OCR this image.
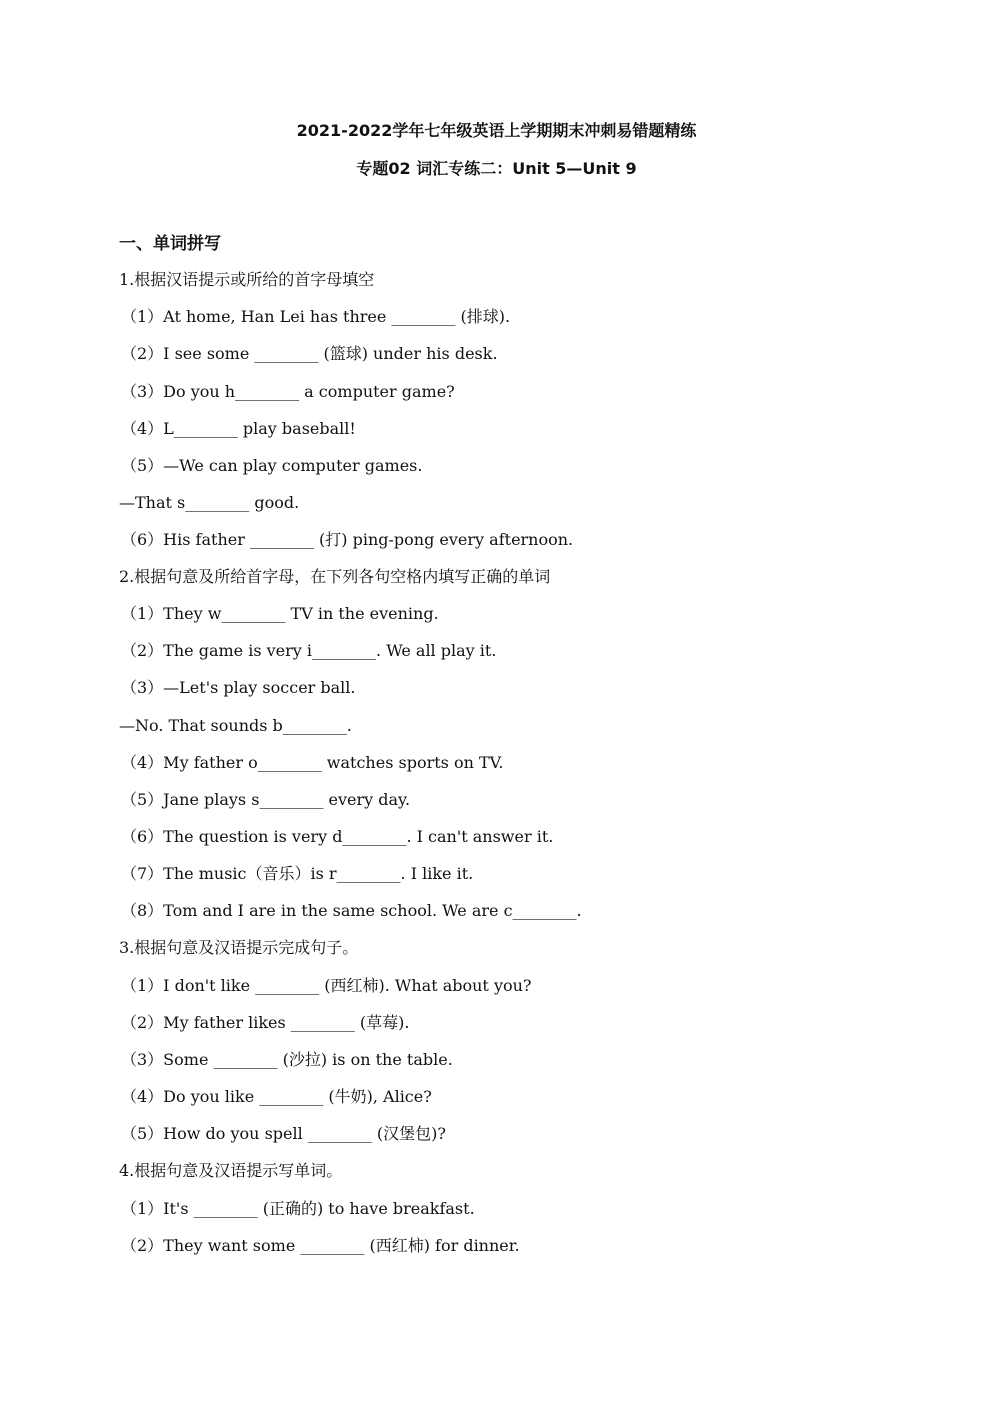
2021-2022学年七年级英语上学期期末冲刺易错题精练
专题02 词汇专练二：Unit 5—Unit 9
一、单词拼写
1.根据汉语提示或所给的首字母填空
（1）At home, Han Lei has three ________ (排球).
（2）I see some ________ (篮球) under his desk.
（3）Do you h________ a computer game?
（4）L________ play baseball!
（5）—We can play computer games.
—That s________ good.
（6）His father ________ (打) ping-pong every afternoon.
2.根据句意及所给首字母，在下列各句空格内填写正确的单词
（1）They w________ TV in the evening.
（2）The game is very i________. We all play it.
（3）—Let's play soccer ball.
—No. That sounds b________.
（4）My father o________ watches sports on TV.
（5）Jane plays s________ every day.
（6）The question is very d________. I can't answer it.
（7）The music（音乐）is r________. I like it.
（8）Tom and I are in the same school. We are c________.
3.根据句意及汉语提示完成句子。
（1）I don't like ________ (西红柿). What about you?
（2）My father likes ________ (草莓).
（3）Some ________ (沙拉) is on the table.
（4）Do you like ________ (牛奶), Alice?
（5）How do you spell ________ (汉堡包)?
4.根据句意及汉语提示写单词。
（1）It's ________ (正确的) to have breakfast.
（2）They want some ________ (西红柿) for dinner.
